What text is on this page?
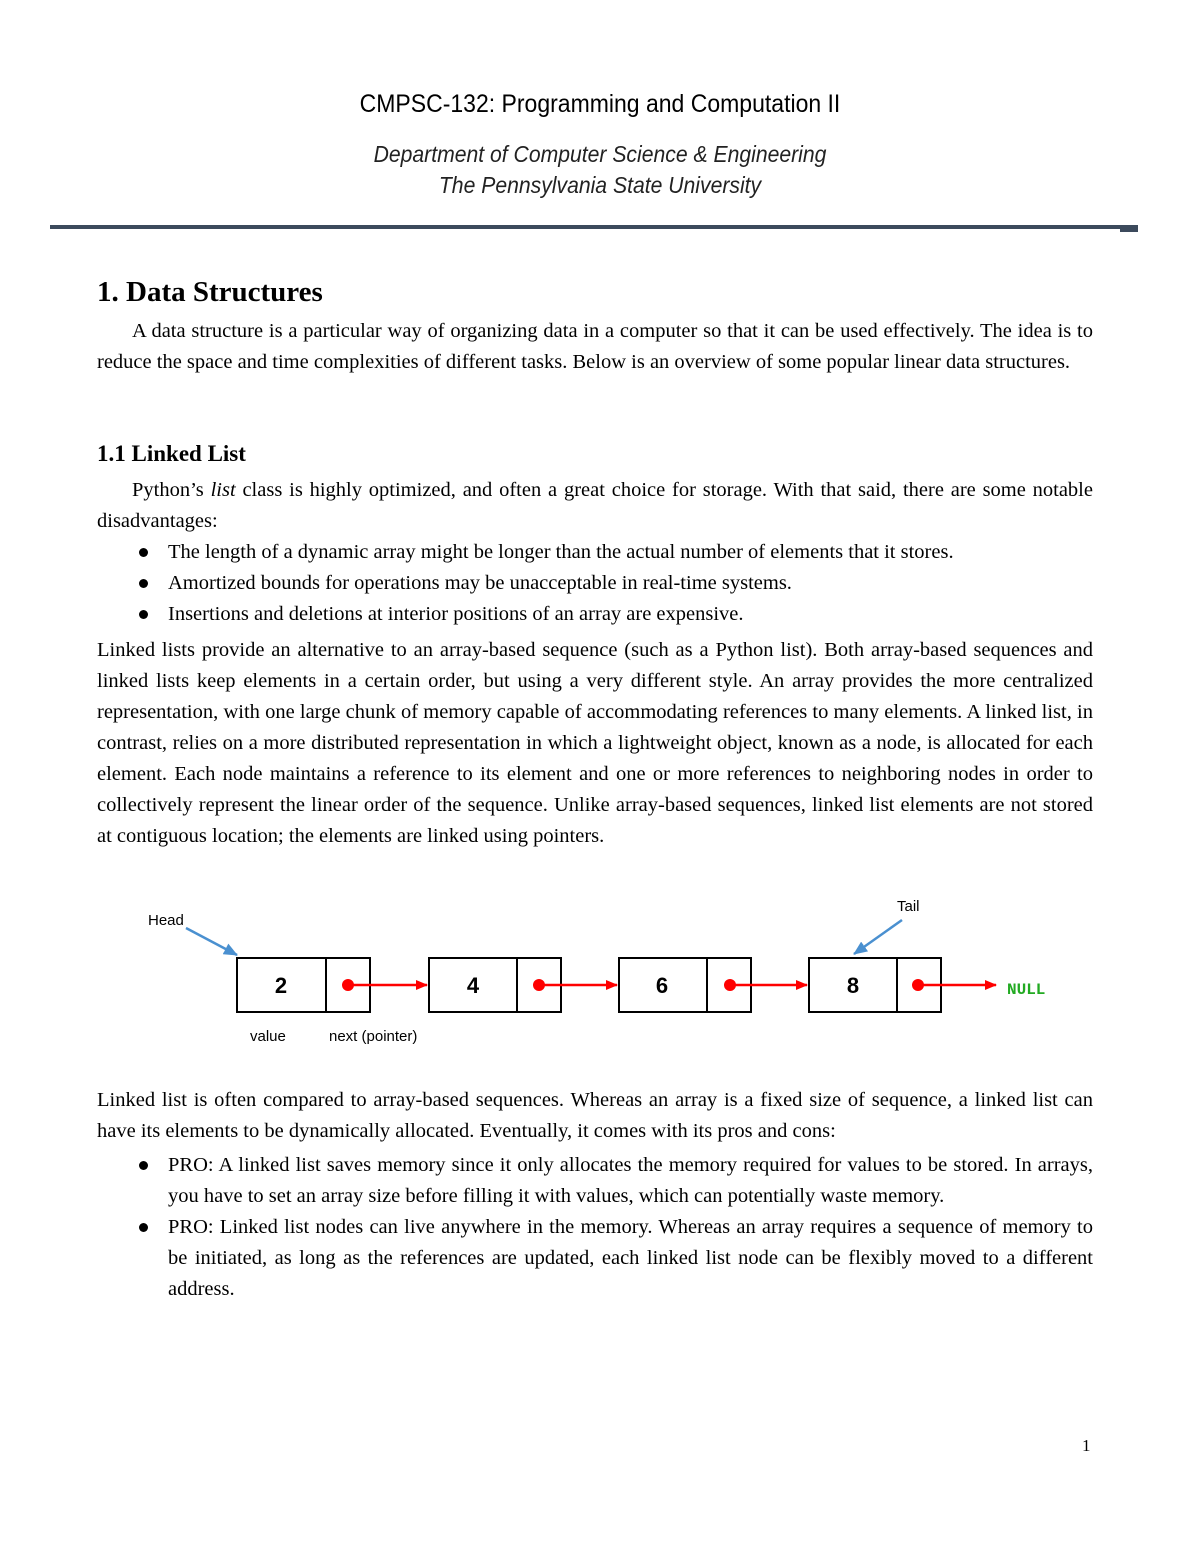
CMPSC-132: Programming and Computation II
Department of Computer Science & Engineering
The Pennsylvania State University
1. Data Structures

A data structure is a particular way of organizing data in a computer so that it can be used effectively. The idea is to reduce the space and time complexities of different tasks. Below is an overview of some popular linear data structures.

1.1 Linked List

Python’s list class is highly optimized, and often a great choice for storage. With that said, there are some notable disadvantages:

The length of a dynamic array might be longer than the actual number of elements that it stores.
Amortized bounds for operations may be unacceptable in real-time systems.
Insertions and deletions at interior positions of an array are expensive.

Linked lists provide an alternative to an array-based sequence (such as a Python list). Both array-based sequences and linked lists keep elements in a certain order, but using a very different style. An array provides the more centralized representation, with one large chunk of memory capable of accommodating references to many elements. A linked list, in contrast, relies on a more distributed representation in which a lightweight object, known as a node, is allocated for each element. Each node maintains a reference to its element and one or more references to neighboring nodes in order to collectively represent the linear order of the sequence. Unlike array-based sequences, linked list elements are not stored at contiguous location; the elements are linked using pointers.

Head
Tail
2	4	6	8	NULL
value	next (pointer)

Linked list is often compared to array-based sequences. Whereas an array is a fixed size of sequence, a linked list can have its elements to be dynamically allocated. Eventually, it comes with its pros and cons:

PRO: A linked list saves memory since it only allocates the memory required for values to be stored. In arrays, you have to set an array size before filling it with values, which can potentially waste memory.
PRO: Linked list nodes can live anywhere in the memory. Whereas an array requires a sequence of memory to be initiated, as long as the references are updated, each linked list node can be flexibly moved to a different address.
1
